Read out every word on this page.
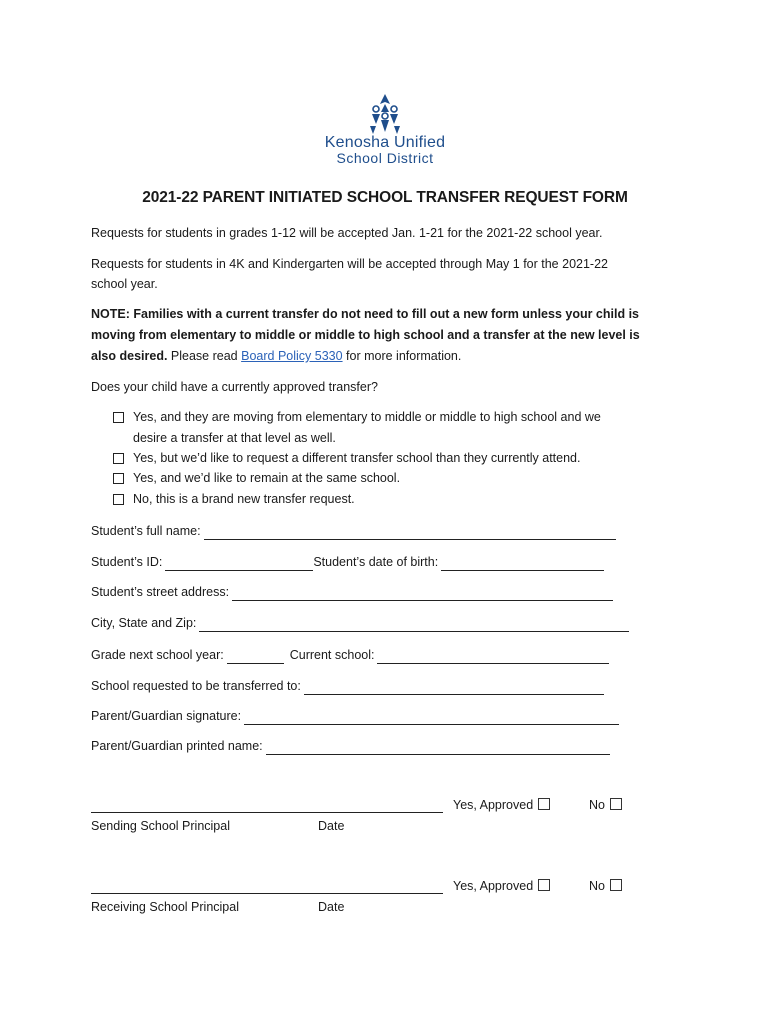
Kenosha Unified
School District
2021-22 PARENT INITIATED SCHOOL TRANSFER REQUEST FORM
Requests for students in grades 1-12 will be accepted Jan. 1-21 for the 2021-22 school year.
Requests for students in 4K and Kindergarten will be accepted through May 1 for the 2021-22
school year.
NOTE: Families with a current transfer do not need to fill out a new form unless your child is
moving from elementary to middle or middle to high school and a transfer at the new level is
also desired. Please read Board Policy 5330 for more information.
Does your child have a currently approved transfer?
Yes, and they are moving from elementary to middle or middle to high school and we
desire a transfer at that level as well.
Yes, but we’d like to request a different transfer school than they currently attend.
Yes, and we’d like to remain at the same school.
No, this is a brand new transfer request.
Student’s full name:
Student’s ID:	Student’s date of birth:
Student’s street address:
City, State and Zip:
Grade next school year:	Current school:
School requested to be transferred to:
Parent/Guardian signature:
Parent/Guardian printed name:
Yes, Approved	No
Sending School Principal	Date
Yes, Approved	No
Receiving School Principal	Date
